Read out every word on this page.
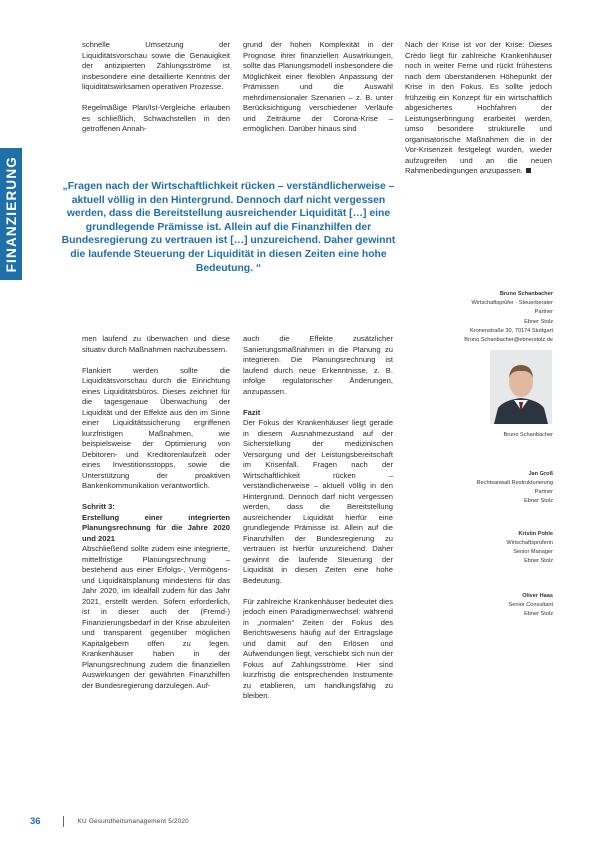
FINANZIERUNG

schnelle Umsetzung der Liquiditätsvorschau sowie die Genauigkeit der antizipierten Zahlungsströme ist insbesondere eine detaillierte Kenntnis der liquiditätswirksamen operativen Prozesse.

Regelmäßige Plan/Ist-Vergleiche erlauben es schließlich, Schwachstellen in den getroffenen Annah-

grund der hohen Komplexität in der Prognose ihrer finanziellen Auswirkungen, sollte das Planungsmodell insbesondere die Möglichkeit einer flexiblen Anpassung der Prämissen und die Auswahl mehrdimensionaler Szenarien – z. B. unter Berücksichtigung verschiedener Verläufe und Zeiträume der Corona-Krise – ermöglichen. Darüber hinaus sind

Nach der Krise ist vor der Krise: Dieses Credo liegt für zahlreiche Krankenhäuser noch in weiter Ferne und rückt frühestens nach dem überstandenen Höhepunkt der Krise in den Fokus. Es sollte jedoch frühzeitig ein Konzept für ein wirtschaftlich abgesichertes Hochfahren der Leistungserbringung erarbeitet werden, umso besondere strukturelle und organisatorische Maßnahmen die in der Vor-Krisenzeit festgelegt wurden, wieder aufzugreifen und an die neuen Rahmenbedingungen anzupassen.

„Fragen nach der Wirtschaftlichkeit rücken – verständlicherweise – aktuell völlig in den Hintergrund. Dennoch darf nicht vergessen werden, dass die Bereitstellung ausreichender Liquidität […] eine grundlegende Prämisse ist. Allein auf die Finanzhilfen der Bundesregierung zu vertrauen ist […] unzureichend. Daher gewinnt die laufende Steuerung der Liquidität in diesen Zeiten eine hohe Bedeutung. “

men laufend zu überwachen und diese situativ durch Maßnahmen nachzubessern.

Flankiert werden sollte die Liquiditätsvorschau durch die Einrichtung eines Liquiditätsbüros. Dieses zeichnet für die tagesgenaue Überwachung der Liquidität und der Effekte aus den im Sinne einer Liquiditätssicherung ergriffenen kurzfristigen Maßnahmen, wie beispielsweise der Optimierung von Debitoren- und Kreditorenlaufzeit oder eines Investitionsstopps, sowie die Unterstützung der proaktiven Bankenkommunikation verantwortlich.

Schritt 3:

Erstellung einer integrierten Planungsrechnung für die Jahre 2020 und 2021

Abschließend sollte zudem eine integrierte, mittelfristige Planungsrechnung – bestehend aus einer Erfolgs-, Vermögens- und Liquiditätsplanung mindestens für das Jahr 2020, im Idealfall zudem für das Jahr 2021, erstellt werden. Sofern erforderlich, ist in dieser auch der (Fremd-) Finanzierungsbedarf in der Krise abzuleiten und transparent gegenüber möglichen Kapitalgebern offen zu legen. Krankenhäuser haben in der Planungsrechnung zudem die finanziellen Auswirkungen der gewährten Finanzhilfen der Bundesregierung darzulegen. Auf-

auch die Effekte zusätzlicher Sanierungsmaßnahmen in die Planung zu integrieren. Die Planungsrechnung ist laufend durch neue Erkenntnisse, z. B. infolge regulatorischer Änderungen, anzupassen.

Fazit

Der Fokus der Krankenhäuser liegt gerade in diesem Ausnahmezustand auf der Sicherstellung der medizinischen Versorgung und der Leistungsbereitschaft im Krisenfall. Fragen nach der Wirtschaftlichkeit rücken – verständlicherweise – aktuell völlig in den Hintergrund. Dennoch darf nicht vergessen werden, dass die Bereitstellung ausreichender Liquidität hierfür eine grundlegende Prämisse ist. Allein auf die Finanzhilfen der Bundesregierung zu vertrauen ist hierfür unzureichend. Daher gewinnt die laufende Steuerung der Liquidität in diesen Zeiten eine hohe Bedeutung.

Für zahlreiche Krankenhäuser bedeutet dies jedoch einen Paradigmenwechsel: während in „normalen“ Zeiten der Fokus des Berichtswesens häufig auf der Ertragslage und damit auf den Erlösen und Aufwendungen liegt, verschiebt sich nun der Fokus auf Zahlungsströme. Hier sind kurzfristig die entsprechenden Instrumente zu etablieren, um handlungsfähig zu bleiben.

Bruno Schanbacher
Wirtschaftsprüfer · Steuerberater
Partner
Ebner Stolz
Kronenstraße 30, 70174 Stuttgart
Bruno.Schanbacher@ebnerstolz.de
Bruno Schanbacher
Jan Groß
Rechtsanwalt Restrukturierung
Partner
Ebner Stolz
Kristin Pohle
Wirtschaftsprüferin
Senior Manager
Ebner Stolz
Oliver Haas
Senior Consultant
Ebner Stolz
36	KU Gesundheitsmanagement 5/2020
